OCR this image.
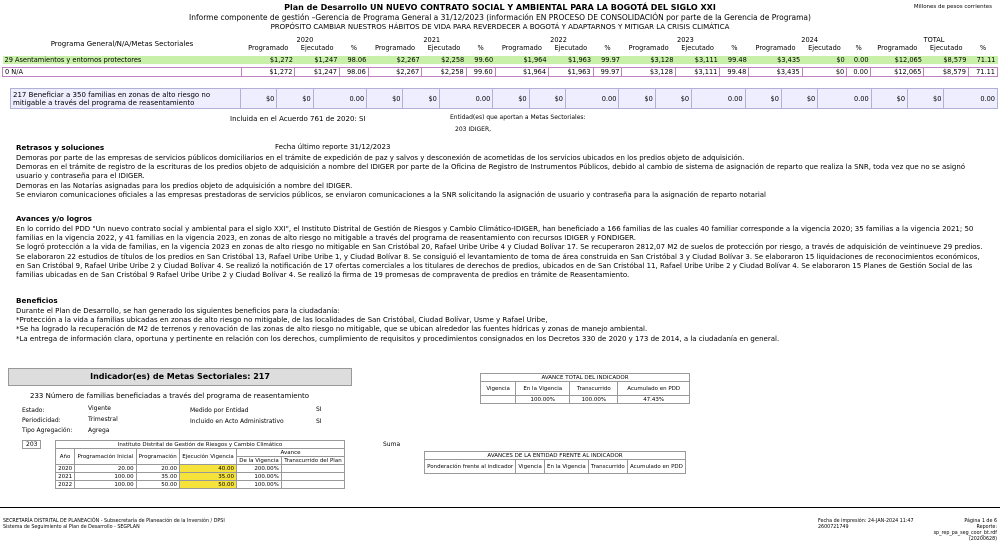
Plan de Desarrollo UN NUEVO CONTRATO SOCIAL Y AMBIENTAL PARA LA BOGOTÁ DEL SIGLO XXI
Informe componente de gestión –Gerencia de Programa General a 31/12/2023 (información EN PROCESO DE CONSOLIDACIÓN por parte de la Gerencia de Programa)
PROPÓSITO CAMBIAR NUESTROS HÁBITOS DE VIDA PARA REVERDECER A BOGOTÁ Y ADAPTARNOS Y MITIGAR LA CRISIS CLIMÁTICA
Millones de pesos corrientes
Programa General/N/A/Metas Sectoriales	2020			2021			2022			2023			2024			TOTAL		
	Programado	Ejecutado	%	Programado	Ejecutado	%	Programado	Ejecutado	%	Programado	Ejecutado	%	Programado	Ejecutado	%	Programado	Ejecutado	%

29 Asentamientos y entornos protectores	$1,272	$1,247	98.06	$2,267	$2,258	99.60	$1,964	$1,963	99.97	$3,128	$3,111	99.48	$3,435	$0	0.00	$12,065	$8,579	71.11

0 N/A	$1,272	$1,247	98.06	$2,267	$2,258	99.60	$1,964	$1,963	99.97	$3,128	$3,111	99.48	$3,435	$0	0.00	$12,065	$8,579	71.11
217 Beneficiar a 350 familias en zonas de alto riesgo no mitigable a través del programa de reasentamiento	$0	$0	0.00	$0	$0	0.00	$0	$0	0.00	$0	$0	0.00	$0	$0	0.00	$0	$0	0.00
Incluida en el Acuerdo 761 de 2020: SI	Entidad(es) que aportan a Metas Sectoriales:
203 IDIGER,
Retrasos y soluciones	Fecha último reporte 31/12/2023
Demoras por parte de las empresas de servicios públicos domiciliarios en el trámite de expedición de paz y salvos y desconexión de acometidas de los servicios ubicados en los predios objeto de adquisición.
Demoras en el trámite de registro de la escrituras de los predios objeto de adquisición a nombre del IDIGER por parte de la Oficina de Registro de Instrumentos Públicos, debido al cambio de sistema de asignación de reparto que realiza la SNR, toda vez que no se asignó usuario y contraseña para el IDIGER.
Demoras en las Notarías asignadas para los predios objeto de adquisición a nombre del IDIGER.
Se enviaron comunicaciones oficiales a las empresas prestadoras de servicios públicos, se enviaron comunicaciones a la SNR solicitando la asignación de usuario y contraseña para la asignación de reparto notarial
Avances y/o logros
En lo corrido del PDD "Un nuevo contrato social y ambiental para el siglo XXI", el Instituto Distrital de Gestión de Riesgos y Cambio Climático-IDIGER, han beneficiado a 166 familias de las cuales 40 familiar corresponde a la vigencia 2020; 35 familias a la vigencia 2021; 50 familias en la vigencia 2022, y 41 familias en la vigencia 2023, en zonas de alto riesgo no mitigable a través del programa de reasentamiento con recursos IDIGER y FONDIGER.
Se logró protección a la vida de familias, en la vigencia 2023 en zonas de alto riesgo no mitigable en San Cristóbal 20, Rafael Uribe Uribe 4 y Ciudad Bolívar 17. Se recuperaron 2812,07 M2 de suelos de protección por riesgo, a través de adquisición de veintinueve 29 predios. Se elaboraron 22 estudios de títulos de los predios en San Cristóbal 13, Rafael Uribe Uribe 1, y Ciudad Bolívar 8. Se consiguió el levantamiento de toma de área construida en San Cristóbal 3 y Ciudad Bolívar 3. Se elaboraron 15 liquidaciones de reconocimientos económicos, en San Cristóbal 9, Rafael Uribe Uribe 2 y Ciudad Bolívar 4. Se realizó la notificación de 17 ofertas comerciales a los titulares de derechos de predios, ubicados en de San Cristóbal 11, Rafael Uribe Uribe 2 y Ciudad Bolívar 4. Se elaboraron 15 Planes de Gestión Social de las familias ubicadas en de San Cristóbal 9 Rafael Uribe Uribe 2 y Ciudad Bolívar 4. Se realizó la firma de 19 promesas de compraventa de predios en trámite de Reasentamiento.
Beneficios
Durante el Plan de Desarrollo, se han generado los siguientes beneficios para la ciudadanía:
*Protección a la vida a familias ubicadas en zonas de alto riesgo no mitigable, de las localidades de San Cristóbal, Ciudad Bolívar, Usme y Rafael Uribe,
*Se ha logrado la recuperación de M2 de terrenos y renovación de las zonas de alto riesgo no mitigable, que se ubican alrededor las fuentes hídricas y zonas de manejo ambiental.
*La entrega de información clara, oportuna y pertinente en relación con los derechos, cumplimiento de requisitos y procedimientos consignados en los Decretos 330 de 2020 y 173 de 2014, a la ciudadanía en general.
Indicador(es) de Metas Sectoriales: 217
233 Número de familias beneficiadas a través del programa de reasentamiento
Estado:	Vigente
Periodicidad:	Trimestral
Tipo Agregación:	Agrega
Medido por Entidad	SI
Incluido en Acto Administrativo	SI
AVANCE TOTAL DEL INDICADOR			
Vigencia	En la Vigencia	Transcurrido	Acumulado en PDD
	100.00%	100.00%	47.43%
203	Suma
Instituto Distrital de Gestión de Riesgos y Cambio Climático					
Año	Programación Inicial	Programación	Ejecución Vigencia	Avance	
				De la Vigencia	Transcurrido del Plan
2020	20.00	20.00	40.00	200.00%	
2021	100.00	35.00	35.00	100.00%	
2022	100.00	50.00	50.00	100.00%	
AVANCES DE LA ENTIDAD FRENTE AL INDICADOR
Ponderación frente al indicador	Vigencia	En la Vigencia	Transcurrido	Acumulado en PDD
SECRETARÍA DISTRITAL DE PLANEACIÓN - Subsecretaría de Planeación de la Inversión / DPSI
Sistema de Seguimiento al Plan de Desarrollo - SEGPLAN
Fecha de impresión: 24-JAN-2024 11:47
2600721749
Página 1 de 6
Reporte: sp_rep_pa_seg_coor_bt.rdf (20200628)
